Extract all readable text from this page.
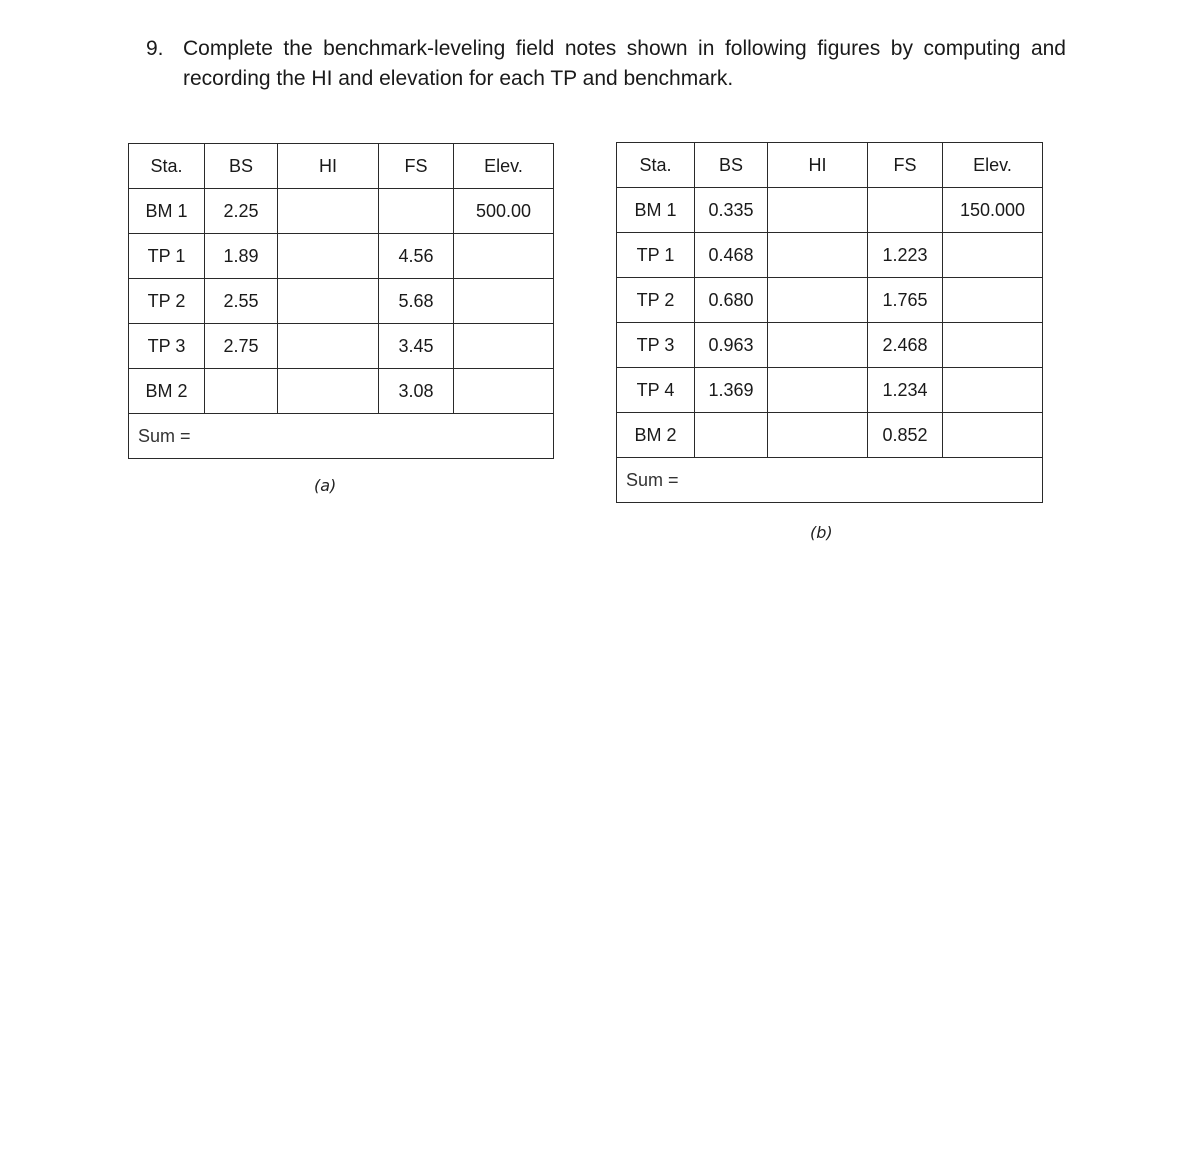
9. Complete the benchmark-leveling field notes shown in following figures by computing and recording the HI and elevation for each TP and benchmark.
Sta.	BS	HI	FS	Elev.
BM 1	2.25			500.00
TP 1	1.89		4.56	
TP 2	2.55		5.68	
TP 3	2.75		3.45	
BM 2			3.08	
Sum =				
(a)
Sta.	BS	HI	FS	Elev.
BM 1	0.335			150.000
TP 1	0.468		1.223	
TP 2	0.680		1.765	
TP 3	0.963		2.468	
TP 4	1.369		1.234	
BM 2			0.852	
Sum =				
(b)
